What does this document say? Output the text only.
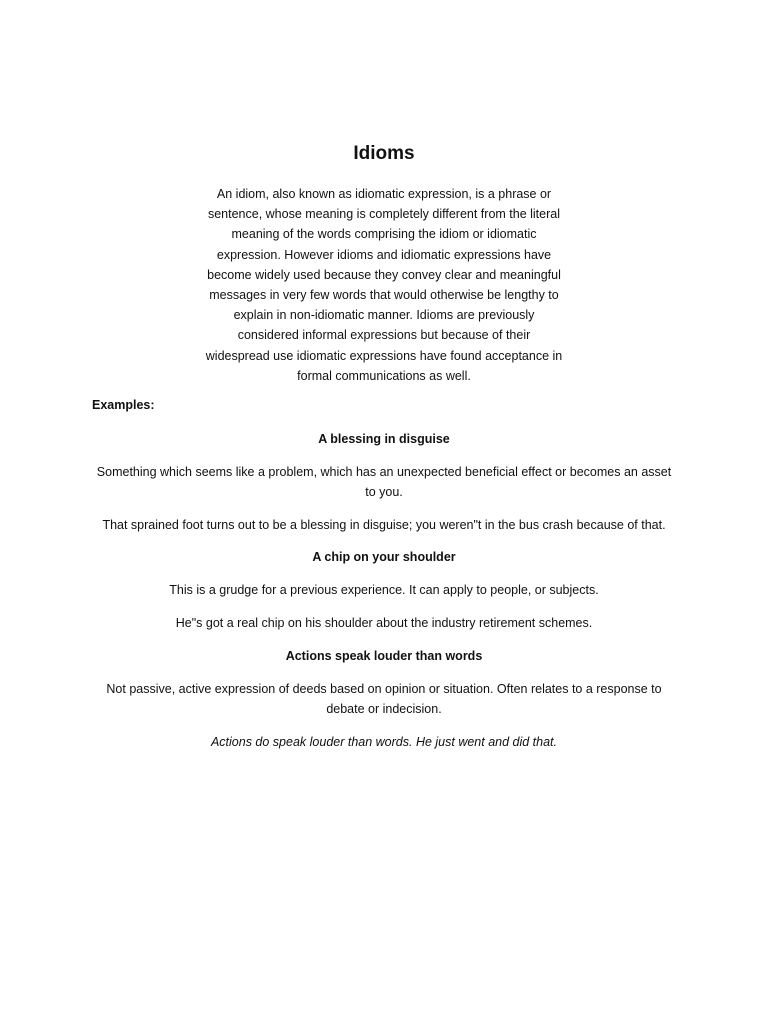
Idioms

An idiom, also known as idiomatic expression, is a phrase or sentence, whose meaning is completely different from the literal meaning of the words comprising the idiom or idiomatic expression. However idioms and idiomatic expressions have become widely used because they convey clear and meaningful messages in very few words that would otherwise be lengthy to explain in non-idiomatic manner. Idioms are previously considered informal expressions but because of their widespread use idiomatic expressions have found acceptance in formal communications as well.

Examples:

A blessing in disguise

Something which seems like a problem, which has an unexpected beneficial effect or becomes an asset to you.

That sprained foot turns out to be a blessing in disguise; you weren"t in the bus crash because of that.

A chip on your shoulder

This is a grudge for a previous experience. It can apply to people, or subjects.

He"s got a real chip on his shoulder about the industry retirement schemes.

Actions speak louder than words

Not passive, active expression of deeds based on opinion or situation. Often relates to a response to debate or indecision.

Actions do speak louder than words. He just went and did that.
